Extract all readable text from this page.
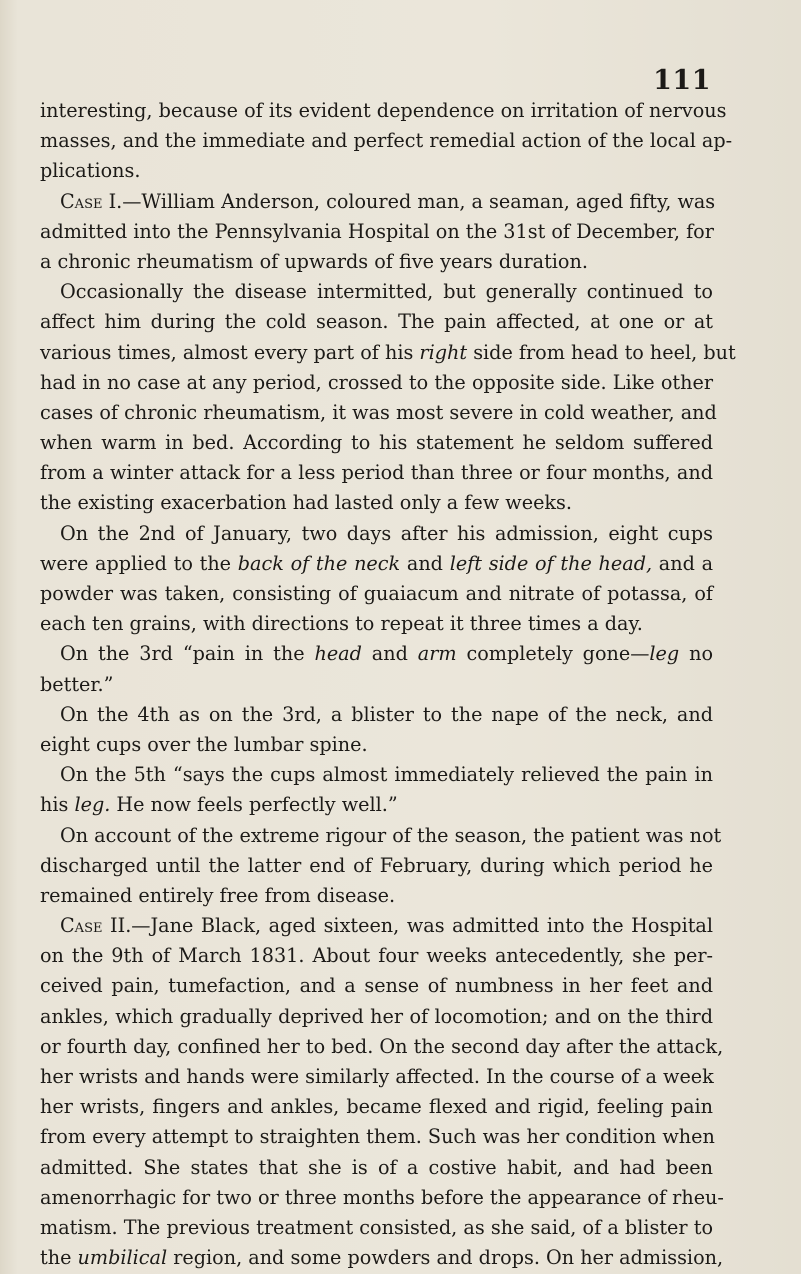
111
interesting, because of its evident dependence on irritation of nervous
masses, and the immediate and perfect remedial action of the local ap-
plications.
Case I.—William Anderson, coloured man, a seaman, aged fifty, was
admitted into the Pennsylvania Hospital on the 31st of December, for
a chronic rheumatism of upwards of five years duration.
Occasionally the disease intermitted, but generally continued to
affect him during the cold season. The pain affected, at one or at
various times, almost every part of his right side from head to heel, but
had in no case at any period, crossed to the opposite side. Like other
cases of chronic rheumatism, it was most severe in cold weather, and
when warm in bed. According to his statement he seldom suffered
from a winter attack for a less period than three or four months, and
the existing exacerbation had lasted only a few weeks.
On the 2nd of January, two days after his admission, eight cups
were applied to the back of the neck and left side of the head, and a
powder was taken, consisting of guaiacum and nitrate of potassa, of
each ten grains, with directions to repeat it three times a day.
On the 3rd “pain in the head and arm completely gone—leg no
better.”
On the 4th as on the 3rd, a blister to the nape of the neck, and
eight cups over the lumbar spine.
On the 5th “says the cups almost immediately relieved the pain in
his leg. He now feels perfectly well.”
On account of the extreme rigour of the season, the patient was not
discharged until the latter end of February, during which period he
remained entirely free from disease.
Case II.—Jane Black, aged sixteen, was admitted into the Hospital
on the 9th of March 1831. About four weeks antecedently, she per-
ceived pain, tumefaction, and a sense of numbness in her feet and
ankles, which gradually deprived her of locomotion; and on the third
or fourth day, confined her to bed. On the second day after the attack,
her wrists and hands were similarly affected. In the course of a week
her wrists, fingers and ankles, became flexed and rigid, feeling pain
from every attempt to straighten them. Such was her condition when
admitted. She states that she is of a costive habit, and had been
amenorrhagic for two or three months before the appearance of rheu-
matism. The previous treatment consisted, as she said, of a blister to
the umbilical region, and some powders and drops. On her admission,
